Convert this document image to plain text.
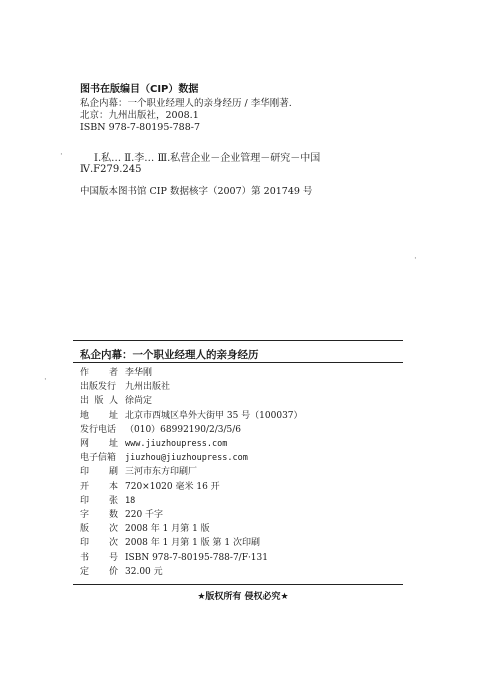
图书在版编目（CIP）数据
私企内幕：一个职业经理人的亲身经历 / 李华刚著.
北京：九州出版社，2008.1
ISBN 978-7-80195-788-7
Ⅰ.私… Ⅱ.李… Ⅲ.私营企业－企业管理－研究－中国
Ⅳ.F279.245
中国版本图书馆 CIP 数据核字（2007）第 201749 号
·
·
·
私企内幕：一个职业经理人的亲身经历
作 者 李华刚
出版发行 九州出版社
出 版 人 徐尚定
地 址 北京市西城区阜外大街甲 35 号（100037）
发行电话 （010）68992190/2/3/5/6
网 址 www.jiuzhoupress.com
电子信箱	jiuzhou@jiuzhoupress.com
印 刷 三河市东方印刷厂
开 本 720×1020 毫米 16 开
印 张 18
字 数 220 千字
版 次 2008 年 1 月第 1 版
印 次 2008 年 1 月第 1 版 第 1 次印刷
书 号 ISBN 978-7-80195-788-7/F·131
定 价 32.00 元
★版权所有 侵权必究★
